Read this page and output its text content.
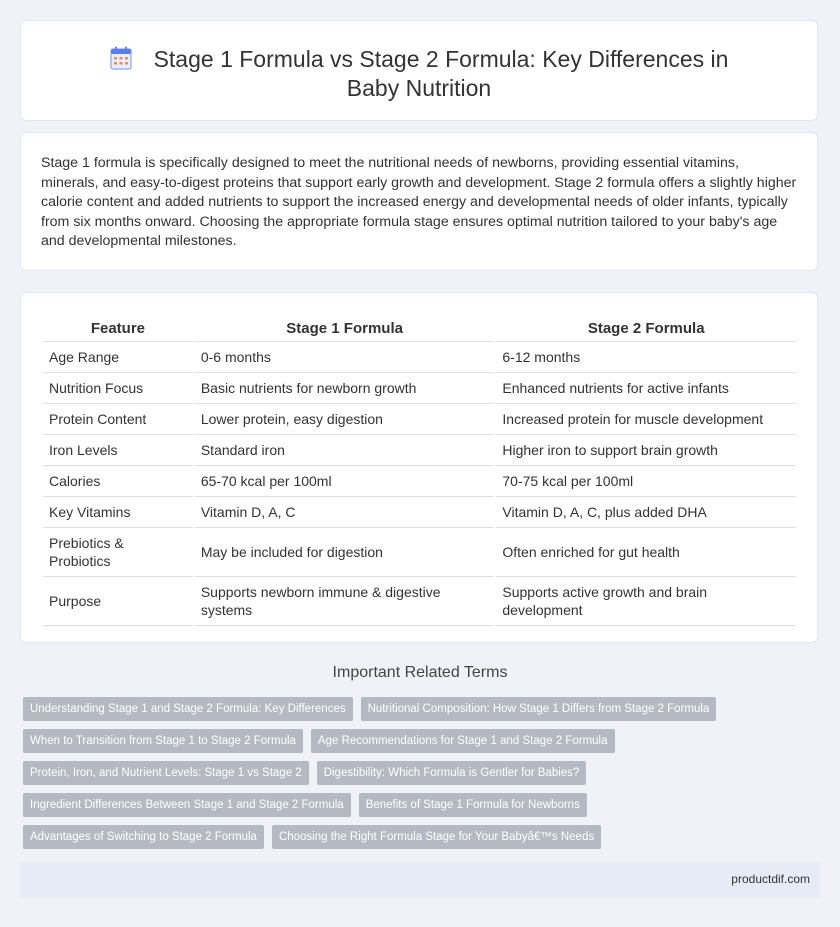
Stage 1 Formula vs Stage 2 Formula: Key Differences in Baby Nutrition

Stage 1 formula is specifically designed to meet the nutritional needs of newborns, providing essential vitamins, minerals, and easy-to-digest proteins that support early growth and development. Stage 2 formula offers a slightly higher calorie content and added nutrients to support the increased energy and developmental needs of older infants, typically from six months onward. Choosing the appropriate formula stage ensures optimal nutrition tailored to your baby's age and developmental milestones.

Feature	Stage 1 Formula	Stage 2 Formula
Age Range	0-6 months	6-12 months
Nutrition Focus	Basic nutrients for newborn growth	Enhanced nutrients for active infants
Protein Content	Lower protein, easy digestion	Increased protein for muscle development
Iron Levels	Standard iron	Higher iron to support brain growth
Calories	65-70 kcal per 100ml	70-75 kcal per 100ml
Key Vitamins	Vitamin D, A, C	Vitamin D, A, C, plus added DHA
Prebiotics & Probiotics	May be included for digestion	Often enriched for gut health
Purpose	Supports newborn immune & digestive systems	Supports active growth and brain development
Important Related Terms
Understanding Stage 1 and Stage 2 Formula: Key Differences	Nutritional Composition: How Stage 1 Differs from Stage 2 Formula
When to Transition from Stage 1 to Stage 2 Formula	Age Recommendations for Stage 1 and Stage 2 Formula
Protein, Iron, and Nutrient Levels: Stage 1 vs Stage 2	Digestibility: Which Formula is Gentler for Babies?
Ingredient Differences Between Stage 1 and Stage 2 Formula	Benefits of Stage 1 Formula for Newborns
Advantages of Switching to Stage 2 Formula	Choosing the Right Formula Stage for Your Babyâ€™s Needs
productdif.com
